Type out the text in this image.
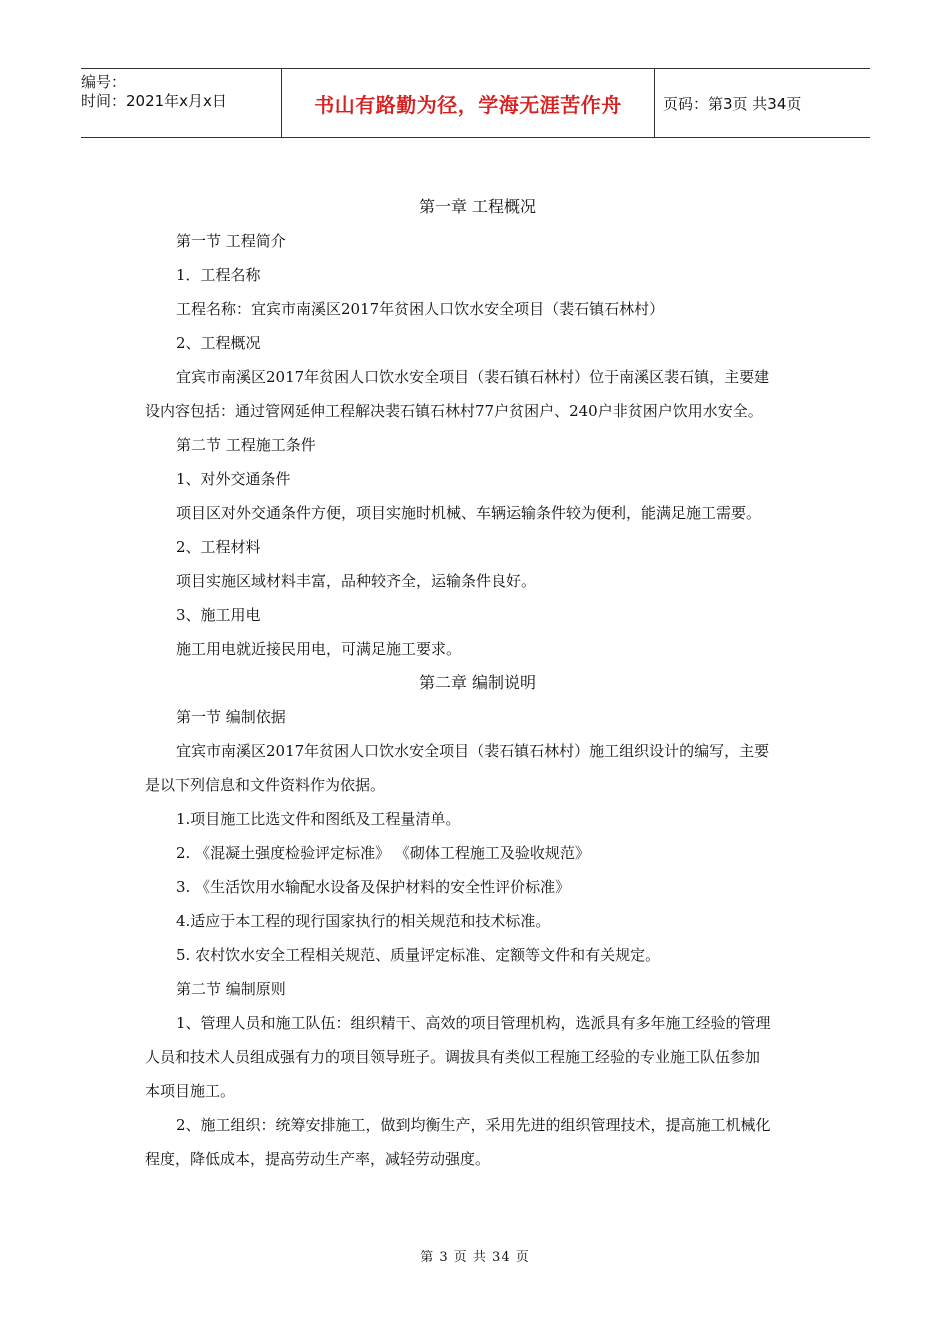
编号：
时间：2021年x月x日	书山有路勤为径，学海无涯苦作舟	页码：第3页 共34页
第一章 工程概况
第一节 工程简介
1．工程名称
工程名称：宜宾市南溪区2017年贫困人口饮水安全项目（裴石镇石林村）
2、工程概况
宜宾市南溪区2017年贫困人口饮水安全项目（裴石镇石林村）位于南溪区裴石镇，主要建
设内容包括：通过管网延伸工程解决裴石镇石林村77户贫困户、240户非贫困户饮用水安全。
第二节 工程施工条件
1、对外交通条件
项目区对外交通条件方便，项目实施时机械、车辆运输条件较为便利，能满足施工需要。
2、工程材料
项目实施区域材料丰富，品种较齐全，运输条件良好。
3、施工用电
施工用电就近接民用电，可满足施工要求。
第二章 编制说明
第一节 编制依据
宜宾市南溪区2017年贫困人口饮水安全项目（裴石镇石林村）施工组织设计的编写，主要
是以下列信息和文件资料作为依据。
1.项目施工比选文件和图纸及工程量清单。
2. 《混凝土强度检验评定标准》 《砌体工程施工及验收规范》
3. 《生活饮用水输配水设备及保护材料的安全性评价标准》
4.适应于本工程的现行国家执行的相关规范和技术标准。
5. 农村饮水安全工程相关规范、质量评定标准、定额等文件和有关规定。
第二节 编制原则
1、管理人员和施工队伍：组织精干、高效的项目管理机构，选派具有多年施工经验的管理
人员和技术人员组成强有力的项目领导班子。调拔具有类似工程施工经验的专业施工队伍参加
本项目施工。
2、施工组织：统筹安排施工，做到均衡生产，采用先进的组织管理技术，提高施工机械化
程度，降低成本，提高劳动生产率，减轻劳动强度。
第 3 页 共 34 页
